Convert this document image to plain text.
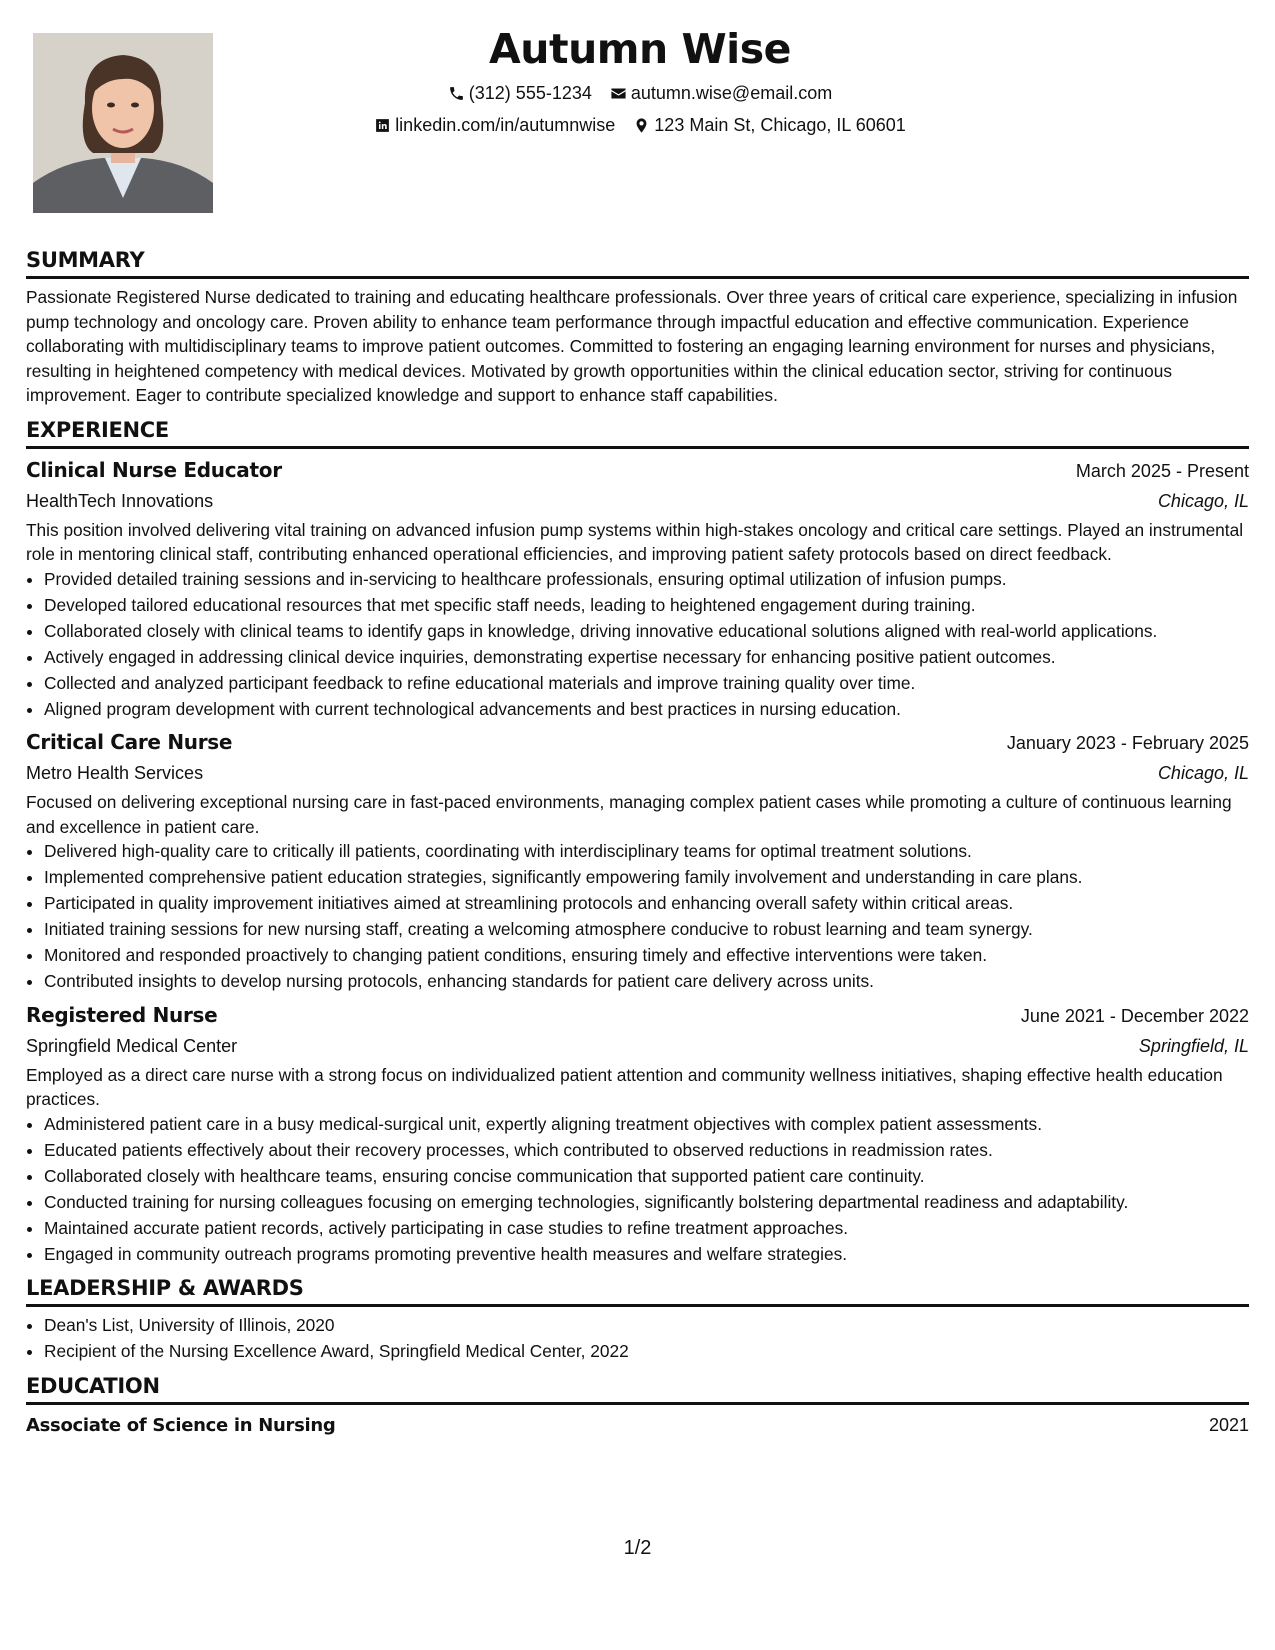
Autumn Wise
(312) 555-1234 autumn.wise@email.com
linkedin.com/in/autumnwise 123 Main St, Chicago, IL 60601
SUMMARY

Passionate Registered Nurse dedicated to training and educating healthcare professionals. Over three years of critical care experience, specializing in infusion pump technology and oncology care. Proven ability to enhance team performance through impactful education and effective communication. Experience collaborating with multidisciplinary teams to improve patient outcomes. Committed to fostering an engaging learning environment for nurses and physicians, resulting in heightened competency with medical devices. Motivated by growth opportunities within the clinical education sector, striving for continuous improvement. Eager to contribute specialized knowledge and support to enhance staff capabilities.

EXPERIENCE
Clinical Nurse Educator	March 2025 - Present
HealthTech Innovations	Chicago, IL

This position involved delivering vital training on advanced infusion pump systems within high-stakes oncology and critical care settings. Played an instrumental role in mentoring clinical staff, contributing enhanced operational efficiencies, and improving patient safety protocols based on direct feedback.

• Provided detailed training sessions and in-servicing to healthcare professionals, ensuring optimal utilization of infusion pumps.
• Developed tailored educational resources that met specific staff needs, leading to heightened engagement during training.
• Collaborated closely with clinical teams to identify gaps in knowledge, driving innovative educational solutions aligned with real-world applications.
• Actively engaged in addressing clinical device inquiries, demonstrating expertise necessary for enhancing positive patient outcomes.
• Collected and analyzed participant feedback to refine educational materials and improve training quality over time.
• Aligned program development with current technological advancements and best practices in nursing education.
Critical Care Nurse	January 2023 - February 2025
Metro Health Services	Chicago, IL

Focused on delivering exceptional nursing care in fast-paced environments, managing complex patient cases while promoting a culture of continuous learning and excellence in patient care.

• Delivered high-quality care to critically ill patients, coordinating with interdisciplinary teams for optimal treatment solutions.
• Implemented comprehensive patient education strategies, significantly empowering family involvement and understanding in care plans.
• Participated in quality improvement initiatives aimed at streamlining protocols and enhancing overall safety within critical areas.
• Initiated training sessions for new nursing staff, creating a welcoming atmosphere conducive to robust learning and team synergy.
• Monitored and responded proactively to changing patient conditions, ensuring timely and effective interventions were taken.
• Contributed insights to develop nursing protocols, enhancing standards for patient care delivery across units.
Registered Nurse	June 2021 - December 2022
Springfield Medical Center	Springfield, IL

Employed as a direct care nurse with a strong focus on individualized patient attention and community wellness initiatives, shaping effective health education practices.

• Administered patient care in a busy medical-surgical unit, expertly aligning treatment objectives with complex patient assessments.
• Educated patients effectively about their recovery processes, which contributed to observed reductions in readmission rates.
• Collaborated closely with healthcare teams, ensuring concise communication that supported patient care continuity.
• Conducted training for nursing colleagues focusing on emerging technologies, significantly bolstering departmental readiness and adaptability.
• Maintained accurate patient records, actively participating in case studies to refine treatment approaches.
• Engaged in community outreach programs promoting preventive health measures and welfare strategies.
LEADERSHIP & AWARDS
• Dean's List, University of Illinois, 2020
• Recipient of the Nursing Excellence Award, Springfield Medical Center, 2022
EDUCATION
Associate of Science in Nursing	2021
1/2
